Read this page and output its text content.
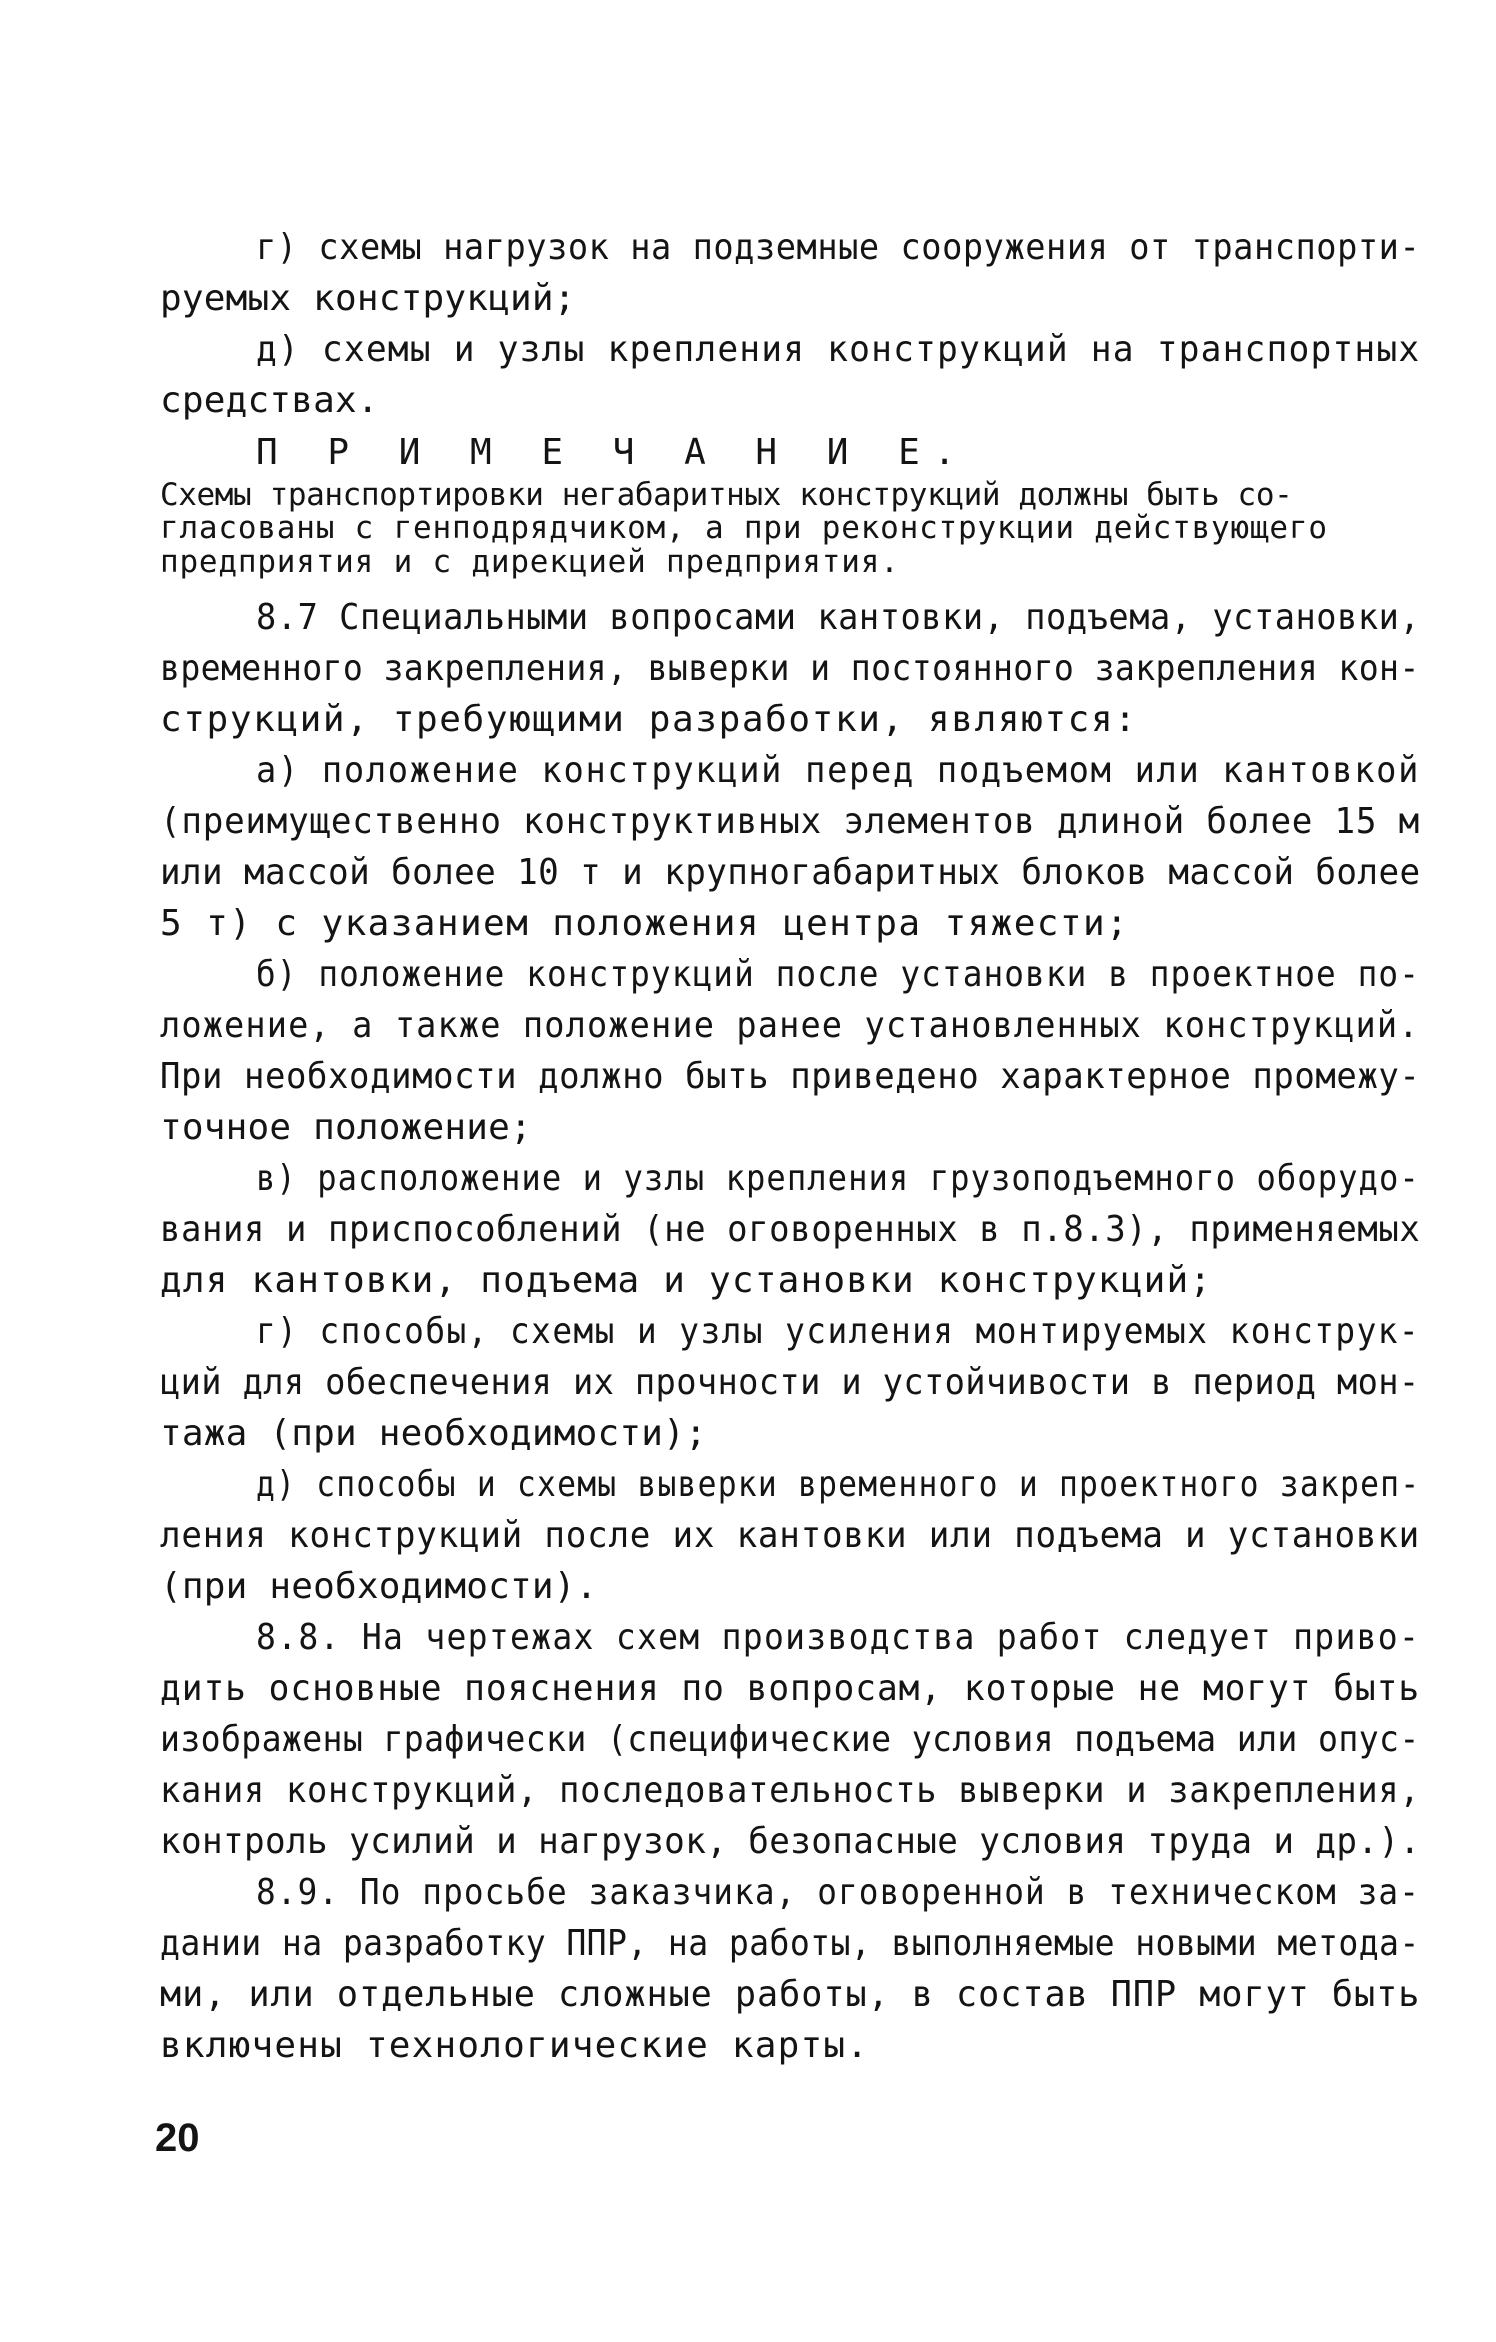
г) схемы нагрузок на подземные сооружения от транспорти-
руемых конструкций;
д) схемы и узлы крепления конструкций на транспортных
средствах.
П Р И М Е Ч А Н И Е.
Схемы транспортировки негабаритных конструкций должны быть со-
гласованы с генподрядчиком, а при реконструкции действующего
предприятия и с дирекцией предприятия.
8.7 Специальными вопросами кантовки, подъема, установки,
временного закрепления, выверки и постоянного закрепления кон-
струкций, требующими разработки, являются:
а) положение конструкций перед подъемом или кантовкой
(преимущественно конструктивных элементов длиной более 15 м
или массой более 10 т и крупногабаритных блоков массой более
5 т) с указанием положения центра тяжести;
б) положение конструкций после установки в проектное по-
ложение, а также положение ранее установленных конструкций.
При необходимости должно быть приведено характерное промежу-
точное положение;
в) расположение и узлы крепления грузоподъемного оборудо-
вания и приспособлений (не оговоренных в п.8.3), применяемых
для кантовки, подъема и установки конструкций;
г) способы, схемы и узлы усиления монтируемых конструк-
ций для обеспечения их прочности и устойчивости в период мон-
тажа (при необходимости);
д) способы и схемы выверки временного и проектного закреп-
ления конструкций после их кантовки или подъема и установки
(при необходимости).
8.8. На чертежах схем производства работ следует приво-
дить основные пояснения по вопросам, которые не могут быть
изображены графически (специфические условия подъема или опус-
кания конструкций, последовательность выверки и закрепления,
контроль усилий и нагрузок, безопасные условия труда и др.).
8.9. По просьбе заказчика, оговоренной в техническом за-
дании на разработку ППР, на работы, выполняемые новыми метода-
ми, или отдельные сложные работы, в состав ППР могут быть
включены технологические карты.
20
